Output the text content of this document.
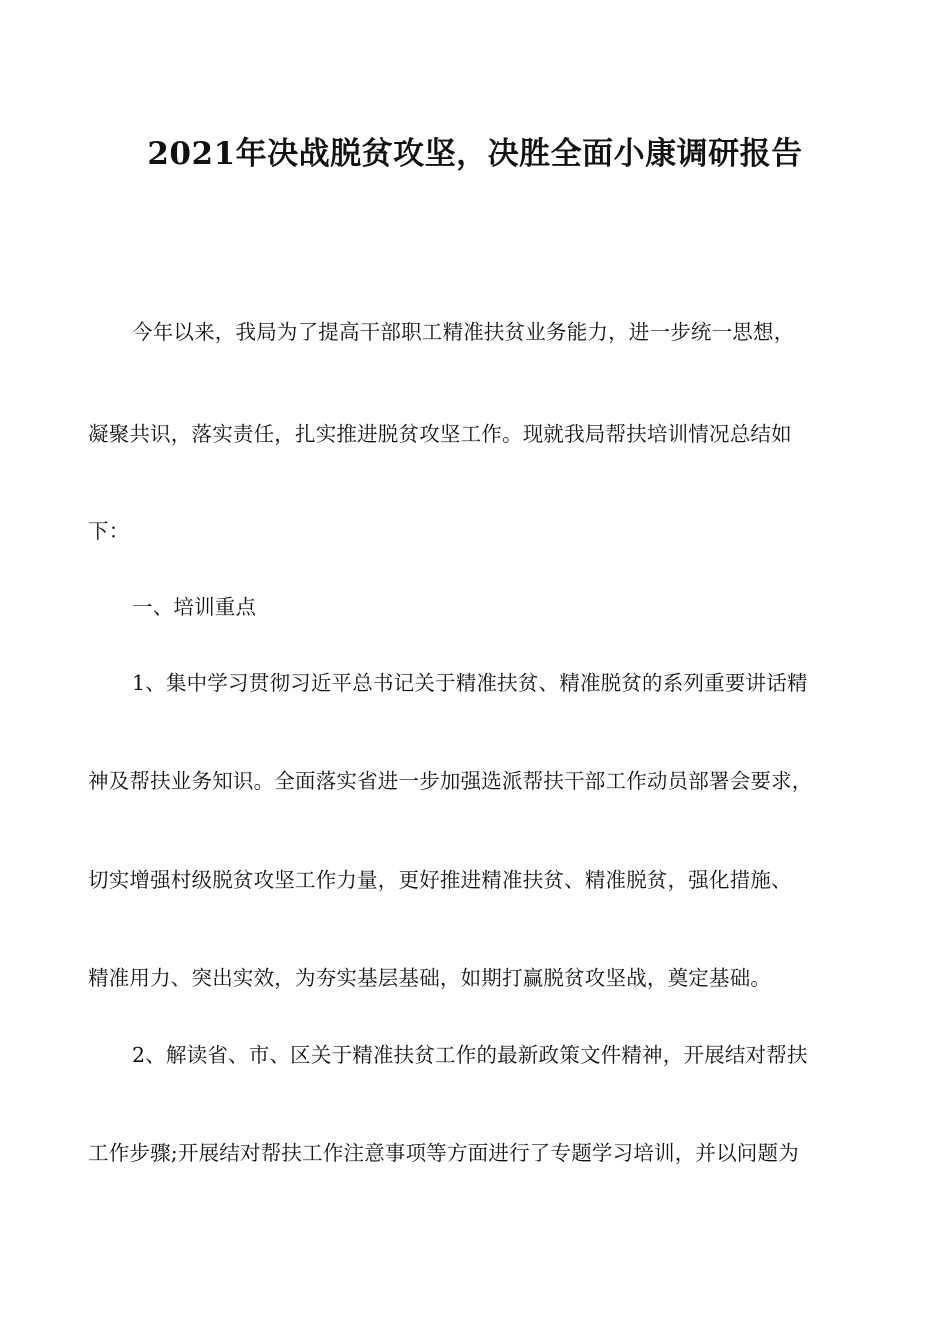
2021年决战脱贫攻坚，决胜全面小康调研报告
今年以来，我局为了提高干部职工精准扶贫业务能力，进一步统一思想，
凝聚共识，落实责任，扎实推进脱贫攻坚工作。现就我局帮扶培训情况总结如
下：
一、培训重点
1、集中学习贯彻习近平总书记关于精准扶贫、精准脱贫的系列重要讲话精
神及帮扶业务知识。全面落实省进一步加强选派帮扶干部工作动员部署会要求，
切实增强村级脱贫攻坚工作力量，更好推进精准扶贫、精准脱贫，强化措施、
精准用力、突出实效，为夯实基层基础，如期打赢脱贫攻坚战，奠定基础。
2、解读省、市、区关于精准扶贫工作的最新政策文件精神，开展结对帮扶
工作步骤;开展结对帮扶工作注意事项等方面进行了专题学习培训，并以问题为
